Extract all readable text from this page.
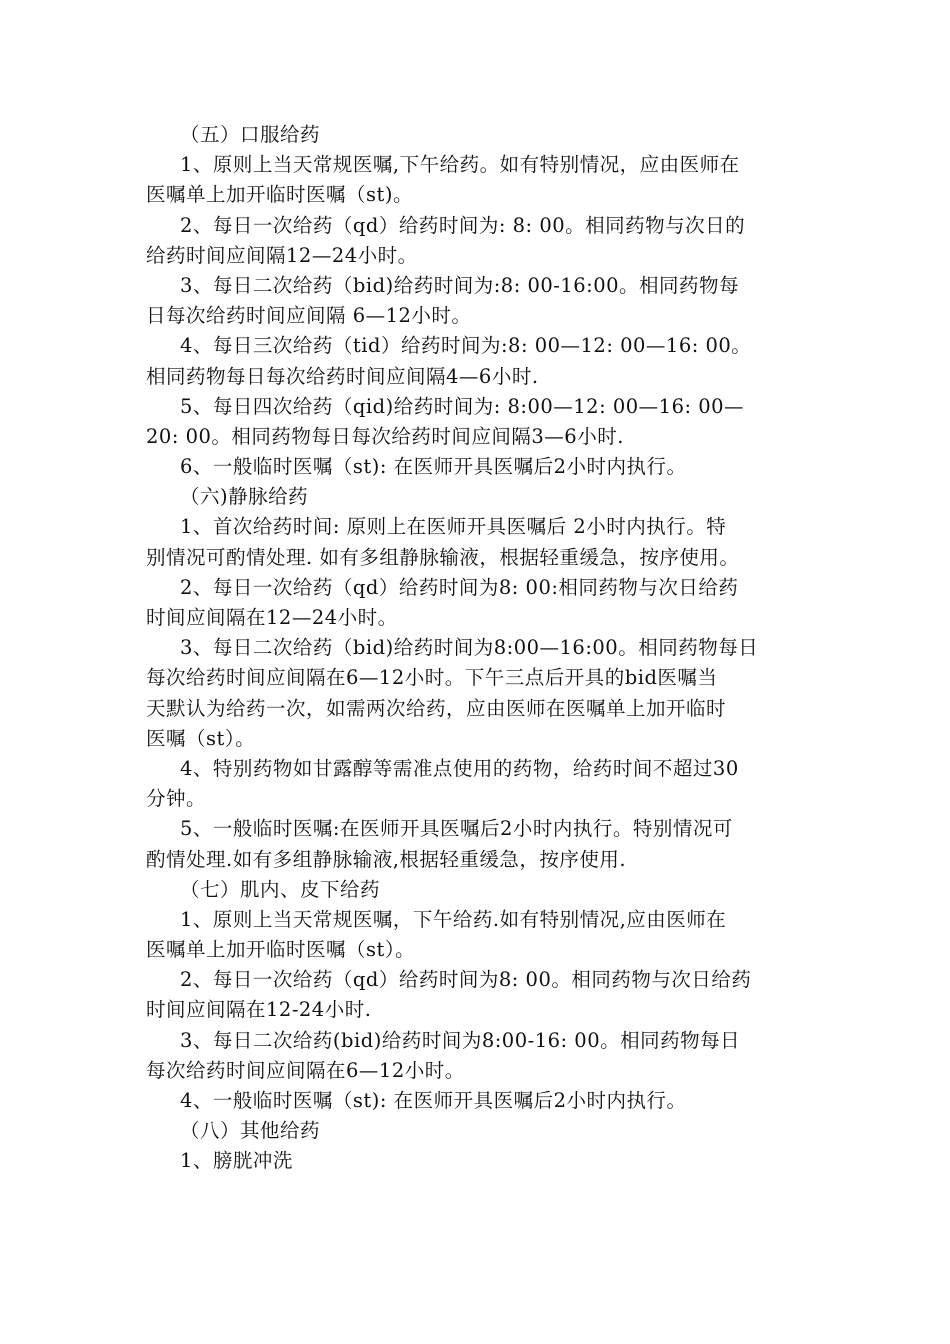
（五）口服给药
1、原则上当天常规医嘱,下午给药。如有特别情况，应由医师在
医嘱单上加开临时医嘱（st)。
2、每日一次给药（qd）给药时间为: 8: 00。相同药物与次日的
给药时间应间隔12—24小时。
3、每日二次给药（bid)给药时间为:8: 00-16:00。相同药物每
日每次给药时间应间隔 6—12小时。
4、每日三次给药（tid）给药时间为:8: 00—12: 00—16: 00。
相同药物每日每次给药时间应间隔4—6小时.
5、每日四次给药（qid)给药时间为: 8:00—12: 00—16: 00—
20: 00。相同药物每日每次给药时间应间隔3—6小时.
6、一般临时医嘱（st): 在医师开具医嘱后2小时内执行。
（六)静脉给药
1、首次给药时间: 原则上在医师开具医嘱后 2小时内执行。特
别情况可酌情处理. 如有多组静脉输液，根据轻重缓急，按序使用。
2、每日一次给药（qd）给药时间为8: 00:相同药物与次日给药
时间应间隔在12—24小时。
3、每日二次给药（bid)给药时间为8:00—16:00。相同药物每日
每次给药时间应间隔在6—12小时。下午三点后开具的bid医嘱当
天默认为给药一次，如需两次给药，应由医师在医嘱单上加开临时
医嘱（st）。
4、特别药物如甘露醇等需准点使用的药物，给药时间不超过30
分钟。
5、一般临时医嘱:在医师开具医嘱后2小时内执行。特别情况可
酌情处理.如有多组静脉输液,根据轻重缓急，按序使用.
（七）肌内、皮下给药
1、原则上当天常规医嘱，下午给药.如有特别情况,应由医师在
医嘱单上加开临时医嘱（st）。
2、每日一次给药（qd）给药时间为8: 00。相同药物与次日给药
时间应间隔在12-24小时.
3、每日二次给药(bid)给药时间为8:00-16: 00。相同药物每日
每次给药时间应间隔在6—12小时。
4、一般临时医嘱（st): 在医师开具医嘱后2小时内执行。
（八）其他给药
1、膀胱冲洗
